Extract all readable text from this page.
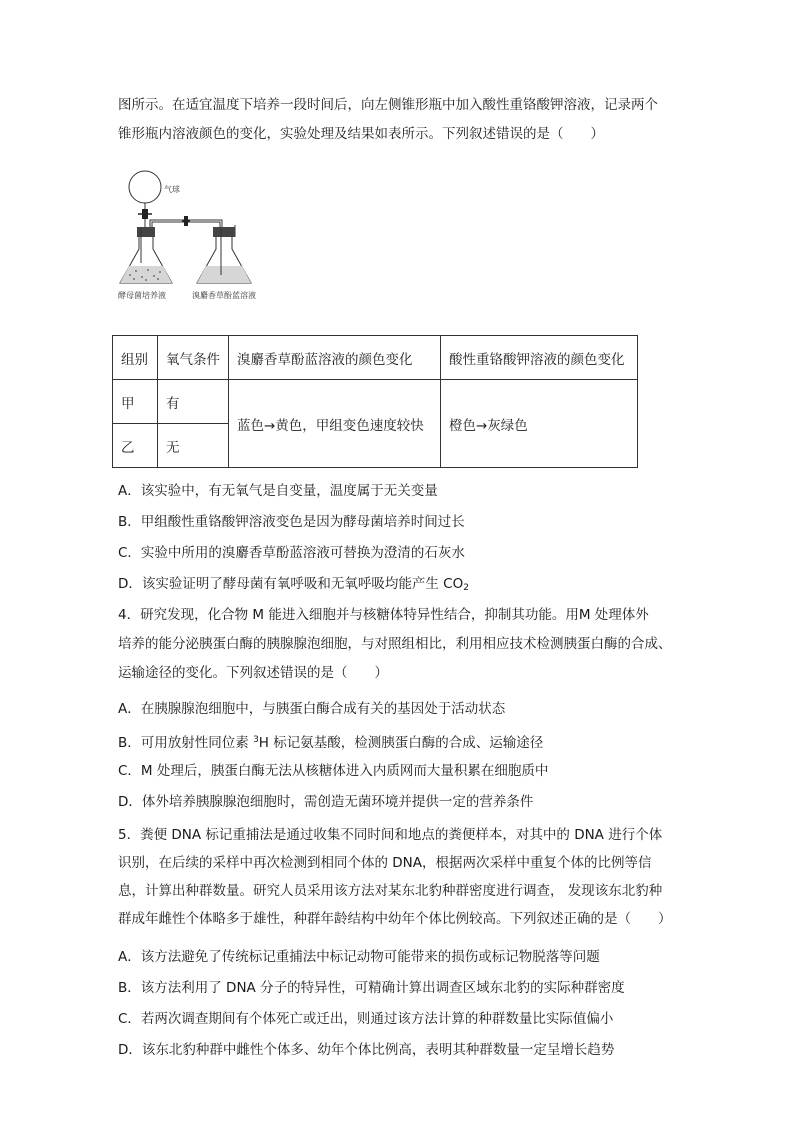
图所示。在适宜温度下培养一段时间后，向左侧锥形瓶中加入酸性重铬酸钾溶液，记录两个
锥形瓶内溶液颜色的变化，实验处理及结果如表所示。下列叙述错误的是（　　）
气球
酵母菌培养液	溴麝香草酚蓝溶液
组别	氧气条件	溴麝香草酚蓝溶液的颜色变化	酸性重铬酸钾溶液的颜色变化
甲	有	蓝色→黄色，甲组变色速度较快	橙色→灰绿色
乙	无		
A．该实验中，有无氧气是自变量，温度属于无关变量
B．甲组酸性重铬酸钾溶液变色是因为酵母菌培养时间过长
C．实验中所用的溴麝香草酚蓝溶液可替换为澄清的石灰水
D．该实验证明了酵母菌有氧呼吸和无氧呼吸均能产生 $CO_2$
4．研究发现，化合物 M 能进入细胞并与核糖体特异性结合，抑制其功能。用M 处理体外
培养的能分泌胰蛋白酶的胰腺腺泡细胞，与对照组相比，利用相应技术检测胰蛋白酶的合成、
运输途径的变化。下列叙述错误的是（　　）
A．在胰腺腺泡细胞中，与胰蛋白酶合成有关的基因处于活动状态
B．可用放射性同位素 $^3$H 标记氨基酸，检测胰蛋白酶的合成、运输途径
C．M 处理后，胰蛋白酶无法从核糖体进入内质网而大量积累在细胞质中
D．体外培养胰腺腺泡细胞时，需创造无菌环境并提供一定的营养条件
5．粪便 DNA 标记重捕法是通过收集不同时间和地点的粪便样本，对其中的 DNA 进行个体
识别，在后续的采样中再次检测到相同个体的 DNA，根据两次采样中重复个体的比例等信
息，计算出种群数量。研究人员采用该方法对某东北豹种群密度进行调查， 发现该东北豹种
群成年雌性个体略多于雄性，种群年龄结构中幼年个体比例较高。下列叙述正确的是（　　）
A．该方法避免了传统标记重捕法中标记动物可能带来的损伤或标记物脱落等问题
B．该方法利用了 DNA 分子的特异性，可精确计算出调查区域东北豹的实际种群密度
C．若两次调查期间有个体死亡或迁出，则通过该方法计算的种群数量比实际值偏小
D．该东北豹种群中雌性个体多、幼年个体比例高，表明其种群数量一定呈增长趋势
